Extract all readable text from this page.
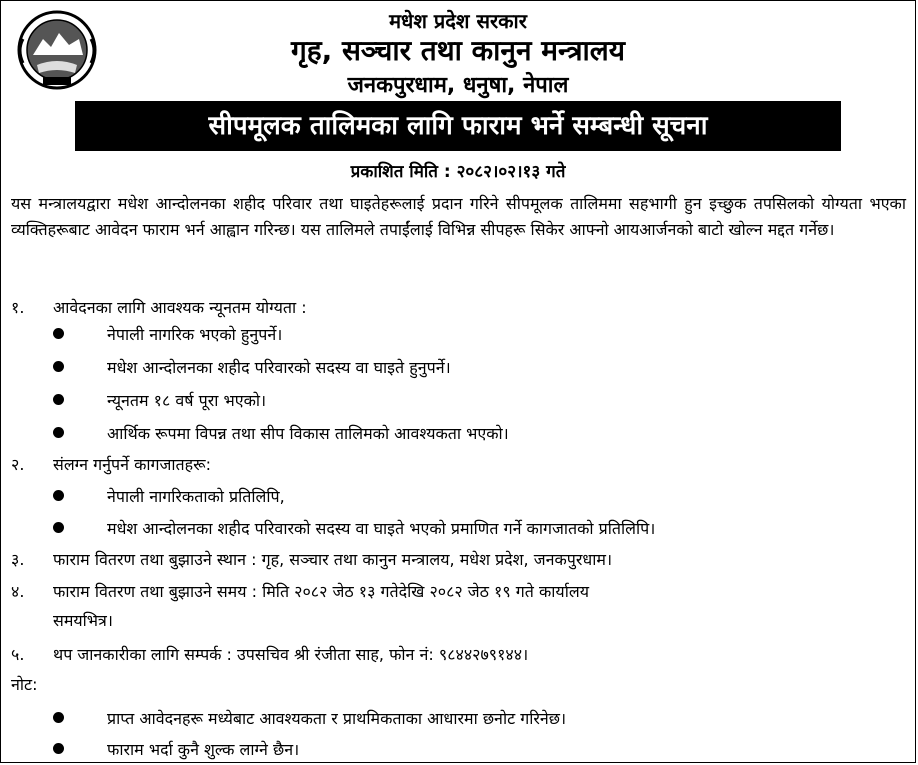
मधेश प्रदेश सरकार
गृह, सञ्चार तथा कानुन मन्त्रालय
जनकपुरधाम, धनुषा, नेपाल
सीपमूलक तालिमका लागि फाराम भर्ने सम्बन्धी सूचना
प्रकाशित मिति : २०८२।०२।१३ गते
यस मन्त्रालयद्वारा मधेश आन्दोलनका शहीद परिवार तथा घाइतेहरूलाई प्रदान गरिने सीपमूलक तालिममा सहभागी हुन इच्छुक तपसिलको योग्यता भएका व्यक्तिहरूबाट आवेदन फाराम भर्न आह्वान गरिन्छ। यस तालिमले तपाईंलाई विभिन्न सीपहरू सिकेर आफ्नो आयआर्जनको बाटो खोल्न मद्दत गर्नेछ।
१. आवेदनका लागि आवश्यक न्यूनतम योग्यता :
नेपाली नागरिक भएको हुनुपर्ने।
मधेश आन्दोलनका शहीद परिवारको सदस्य वा घाइते हुनुपर्ने।
न्यूनतम १८ वर्ष पूरा भएको।
आर्थिक रूपमा विपन्न तथा सीप विकास तालिमको आवश्यकता भएको।
२. संलग्न गर्नुपर्ने कागजातहरू:
नेपाली नागरिकताको प्रतिलिपि,
मधेश आन्दोलनका शहीद परिवारको सदस्य वा घाइते भएको प्रमाणित गर्ने कागजातको प्रतिलिपि।
३. फाराम वितरण तथा बुझाउने स्थान : गृह, सञ्चार तथा कानुन मन्त्रालय, मधेश प्रदेश, जनकपुरधाम।
४. फाराम वितरण तथा बुझाउने समय : मिति २०८२ जेठ १३ गतेदेखि २०८२ जेठ १९ गते कार्यालय
समयभित्र।
५. थप जानकारीका लागि सम्पर्क : उपसचिव श्री रंजीता साह, फोन नं: ९८४४२७९१४४।
नोट:
प्राप्त आवेदनहरू मध्येबाट आवश्यकता र प्राथमिकताका आधारमा छनोट गरिनेछ।
फाराम भर्दा कुनै शुल्क लाग्ने छैन।
